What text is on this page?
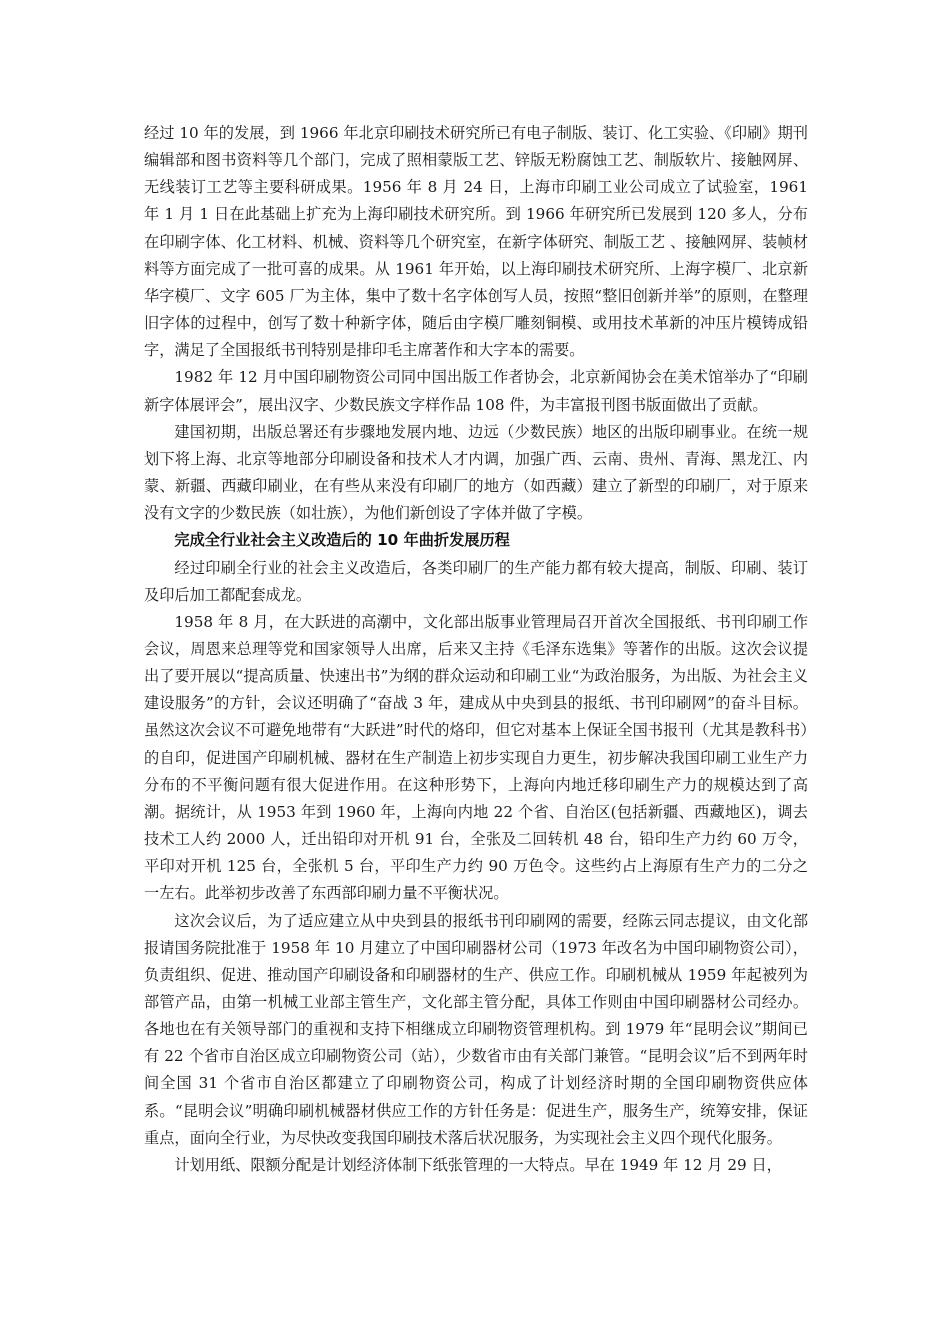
经过 10 年的发展，到 1966 年北京印刷技术研究所已有电子制版、装订、化工实验、《印刷》期刊编辑部和图书资料等几个部门，完成了照相蒙版工艺、锌版无粉腐蚀工艺、制版软片、接触网屏、无线装订工艺等主要科研成果。1956 年 8 月 24 日，上海市印刷工业公司成立了试验室，1961 年 1 月 1 日在此基础上扩充为上海印刷技术研究所。到 1966 年研究所已发展到 120 多人，分布在印刷字体、化工材料、机械、资料等几个研究室，在新字体研究、制版工艺 、接触网屏、装帧材料等方面完成了一批可喜的成果。从 1961 年开始，以上海印刷技术研究所、上海字模厂、北京新华字模厂、文字 605 厂为主体，集中了数十名字体创写人员，按照“整旧创新并举”的原则，在整理旧字体的过程中，创写了数十种新字体，随后由字模厂雕刻铜模、或用技术革新的冲压片模铸成铅字，满足了全国报纸书刊特别是排印毛主席著作和大字本的需要。

1982 年 12 月中国印刷物资公司同中国出版工作者协会，北京新闻协会在美术馆举办了“印刷新字体展评会”，展出汉字、少数民族文字样作品 108 件，为丰富报刊图书版面做出了贡献。

建国初期，出版总署还有步骤地发展内地、边远（少数民族）地区的出版印刷事业。在统一规划下将上海、北京等地部分印刷设备和技术人才内调，加强广西、云南、贵州、青海、黑龙江、内蒙、新疆、西藏印刷业，在有些从来没有印刷厂的地方（如西藏）建立了新型的印刷厂，对于原来没有文字的少数民族（如壮族），为他们新创设了字体并做了字模。

完成全行业社会主义改造后的 10 年曲折发展历程

经过印刷全行业的社会主义改造后，各类印刷厂的生产能力都有较大提高，制版、印刷、装订及印后加工都配套成龙。

1958 年 8 月，在大跃进的高潮中，文化部出版事业管理局召开首次全国报纸、书刊印刷工作会议，周恩来总理等党和国家领导人出席，后来又主持《毛泽东选集》等著作的出版。这次会议提出了要开展以“提高质量、快速出书”为纲的群众运动和印刷工业“为政治服务，为出版、为社会主义建设服务”的方针，会议还明确了“奋战 3 年，建成从中央到县的报纸、书刊印刷网”的奋斗目标。虽然这次会议不可避免地带有“大跃进”时代的烙印，但它对基本上保证全国书报刊（尤其是教科书）的自印，促进国产印刷机械、器材在生产制造上初步实现自力更生，初步解决我国印刷工业生产力分布的不平衡问题有很大促进作用。在这种形势下，上海向内地迁移印刷生产力的规模达到了高潮。据统计，从 1953 年到 1960 年，上海向内地 22 个省、自治区(包括新疆、西藏地区)，调去技术工人约 2000 人，迁出铅印对开机 91 台，全张及二回转机 48 台，铅印生产力约 60 万令，平印对开机 125 台，全张机 5 台，平印生产力约 90 万色令。这些约占上海原有生产力的二分之一左右。此举初步改善了东西部印刷力量不平衡状况。

这次会议后，为了适应建立从中央到县的报纸书刊印刷网的需要，经陈云同志提议，由文化部报请国务院批准于 1958 年 10 月建立了中国印刷器材公司（1973 年改名为中国印刷物资公司），负责组织、促进、推动国产印刷设备和印刷器材的生产、供应工作。印刷机械从 1959 年起被列为部管产品，由第一机械工业部主管生产，文化部主管分配，具体工作则由中国印刷器材公司经办。各地也在有关领导部门的重视和支持下相继成立印刷物资管理机构。到 1979 年“昆明会议”期间已有 22 个省市自治区成立印刷物资公司（站），少数省市由有关部门兼管。“昆明会议”后不到两年时间全国 31 个省市自治区都建立了印刷物资公司，构成了计划经济时期的全国印刷物资供应体系。“昆明会议”明确印刷机械器材供应工作的方针任务是：促进生产，服务生产，统筹安排，保证重点，面向全行业，为尽快改变我国印刷技术落后状况服务，为实现社会主义四个现代化服务。

计划用纸、限额分配是计划经济体制下纸张管理的一大特点。早在 1949 年 12 月 29 日，
